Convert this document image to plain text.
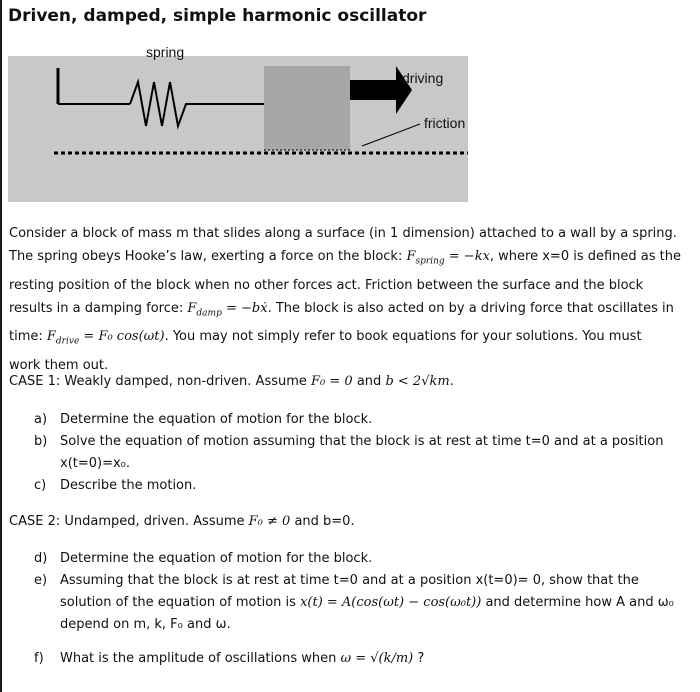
Driven, damped, simple harmonic oscillator
spring
driving
friction
Consider a block of mass m that slides along a surface (in 1 dimension) attached to a wall by a spring.
The spring obeys Hooke’s law, exerting a force on the block: $F_{spring} = -kx$, where x=0 is defined as the
resting position of the block when no other forces act. Friction between the surface and the block
results in a damping force: $F_{damp}$ = −bẋ. The block is also acted on by a driving force that oscillates in
time: $F_{drive} = F_0$ cos(ωt). You may not simply refer to book equations for your solutions. You must
work them out.
CASE 1: Weakly damped, non-driven. Assume F₀ = 0 and b < 2√km.
a) Determine the equation of motion for the block.
b) Solve the equation of motion assuming that the block is at rest at time t=0 and at a position x(t=0)=x₀.
c) Describe the motion.
CASE 2: Undamped, driven. Assume F₀ ≠ 0 and b=0.
d) Determine the equation of motion for the block.
e) Assuming that the block is at rest at time t=0 and at a position x(t=0)= 0, show that the solution of the equation of motion is x(t) = A(cos(ωt) − cos(ω₀t)) and determine how A and ω₀ depend on m, k, F₀ and ω.
f) What is the amplitude of oscillations when ω = √(k/m) ?
